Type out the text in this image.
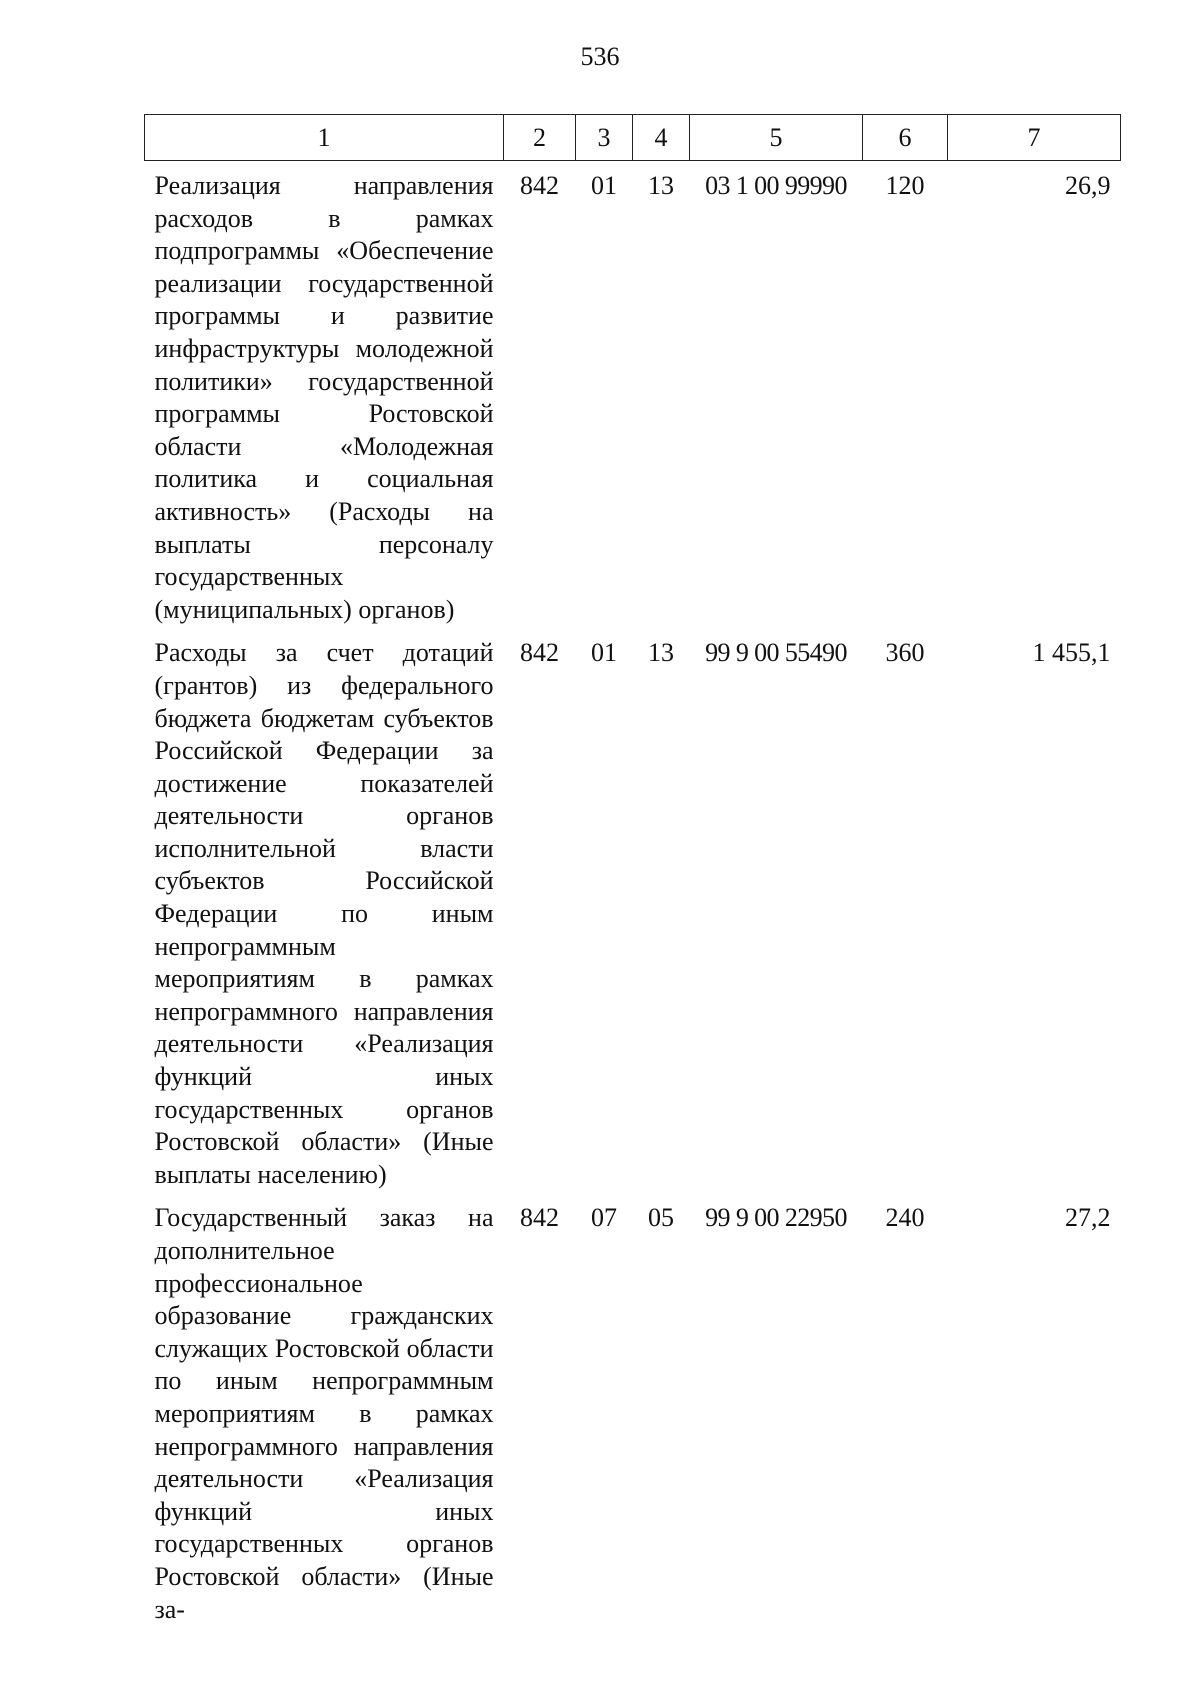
536
1	2	3	4	5	6	7
Реализация направления расходов в рамках подпрограммы «Обеспечение реализации государственной программы и развитие инфраструктуры молодежной политики» государственной программы Ростовской области «Молодежная политика и социальная активность» (Расходы на выплаты персоналу государственных (муниципальных) органов)	842	01	13	03 1 00 99990	120	26,9
Расходы за счет дотаций (грантов) из федерального бюджета бюджетам субъектов Российской Федерации за достижение показателей деятельности органов исполнительной власти субъектов Российской Федерации по иным непрограммным мероприятиям в рамках непрограммного направления деятельности «Реализация функций иных государственных органов Ростовской области» (Иные выплаты населению)	842	01	13	99 9 00 55490	360	1 455,1
Государственный заказ на дополнительное профессиональное образование гражданских служащих Ростовской области по иным непрограммным мероприятиям в рамках непрограммного направления деятельности «Реализация функций иных государственных органов Ростовской области» (Иные за-	842	07	05	99 9 00 22950	240	27,2
